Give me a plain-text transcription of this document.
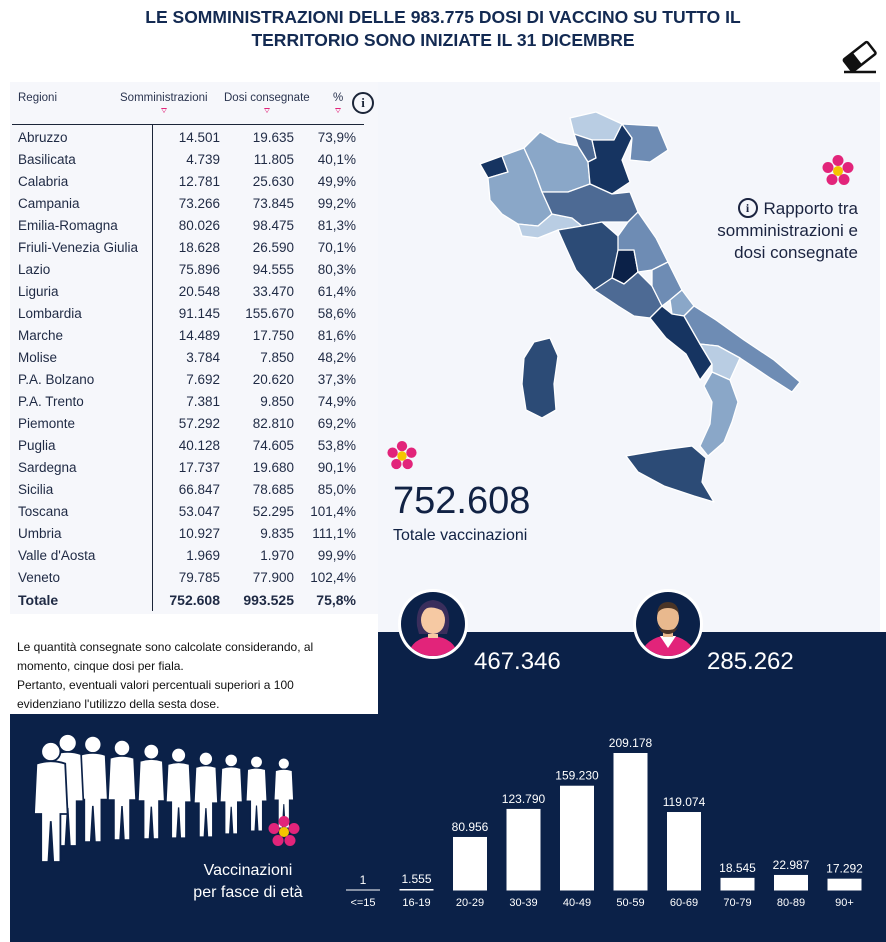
LE SOMMINISTRAZIONI DELLE 983.775 DOSI DI VACCINO SU TUTTO IL
TERRITORIO SONO INIZIATE IL 31 DICEMBRE
Regioni	Somministrazioni Dosi consegnate %	i
Abruzzo	14.501 19.635 73,9%
Basilicata	4.739 11.805 40,1%
Calabria	12.781 25.630 49,9%
Campania	73.266 73.845 99,2%
Emilia-Romagna	80.026 98.475 81,3%
Friuli-Venezia Giulia	18.628 26.590 70,1%
Lazio	75.896 94.555 80,3%
Liguria	20.548 33.470 61,4%
Lombardia	91.145 155.670 58,6%
Marche	14.489 17.750 81,6%
Molise	3.784	7.850 48,2%
P.A. Bolzano	7.692 20.620 37,3%
P.A. Trento	7.381	9.850 74,9%
Piemonte	57.292 82.810 69,2%
Puglia	40.128 74.605 53,8%
Sardegna	17.737 19.680 90,1%
Sicilia	66.847 78.685 85,0%
Toscana	53.047 52.295 101,4%
Umbria	10.927	9.835 111,1%
Valle d'Aosta	1.969	1.970 99,9%
Veneto	79.785 77.900 102,4%
Totale	752.608 993.525 75,8%
Le quantità consegnate sono calcolate considerando, al
momento, cinque dosi per fiala.
Pertanto, eventuali valori percentuali superiori a 100
evidenziano l'utilizzo della sesta dose.
i Rapporto tra
somministrazioni e
dosi consegnate
752.608
Totale vaccinazioni
467.346	285.262
Vaccinazioni
per fasce di età
1
<=15
1.555
16-19
80.956
20-29
123.790
30-39
159.230
40-49
209.178
50-59
119.074
60-69
18.545
70-79
22.987
80-89
17.292
90+
